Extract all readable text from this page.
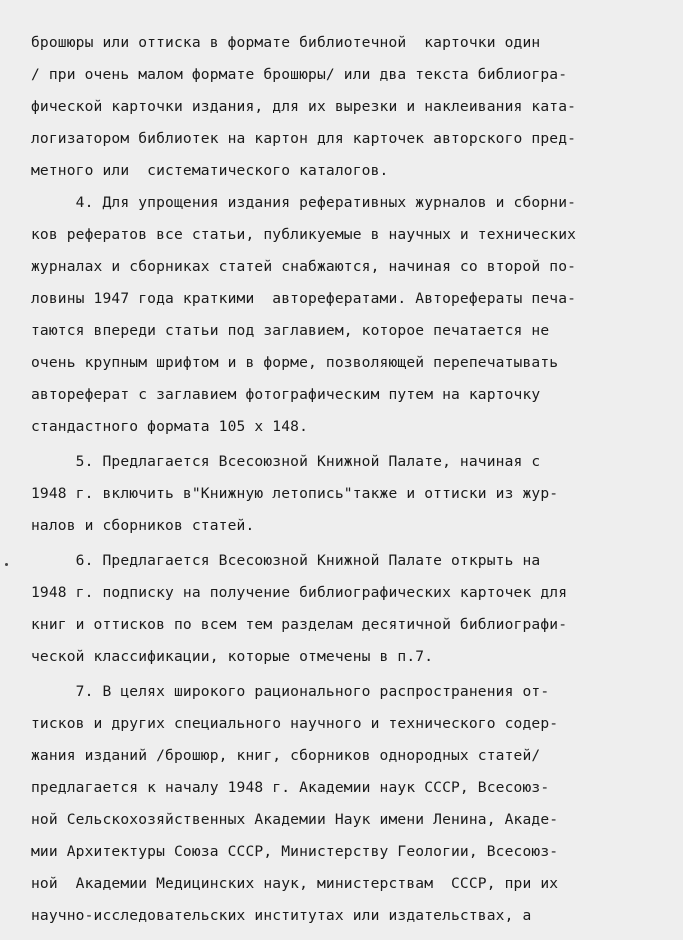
брошюры или оттиска в формате библиотечной  карточки один
/ при очень малом формате брошюры/ или два текста библиогра-
фической карточки издания, для их вырезки и наклеивания ката-
логизатором библиотек на картон для карточек авторского пред-
метного или  систематического каталогов.
4. Для упрощения издания реферативных журналов и сборни-
ков рефератов все статьи, публикуемые в научных и технических
журналах и сборниках статей снабжаются, начиная со второй по-
ловины 1947 года краткими  авторефератами. Авторефераты печа-
таются впереди статьи под заглавием, которое печатается не
очень крупным шрифтом и в форме, позволяющей перепечатывать
автореферат с заглавием фотографическим путем на карточку
стандастного формата 105 х 148.
5. Предлагается Всесоюзной Книжной Палате, начиная с
1948 г. включить в"Книжную летопись"также и оттиски из жур-
налов и сборников статей.
6. Предлагается Всесоюзной Книжной Палате открыть на
1948 г. подписку на получение библиографических карточек для
книг и оттисков по всем тем разделам десятичной библиографи-
ческой классификации, которые отмечены в п.7.
7. В целях широкого рационального распространения от-
тисков и других специального научного и технического содер-
жания изданий /брошюр, книг, сборников однородных статей/
предлагается к началу 1948 г. Академии наук СССР, Всесоюз-
ной Сельскохозяйственных Академии Наук имени Ленина, Акаде-
мии Архитектуры Союза СССР, Министерству Геологии, Всесоюз-
ной  Академии Медицинских наук, министерствам  СССР, при их
научно-исследовательских институтах или издательствах, а
